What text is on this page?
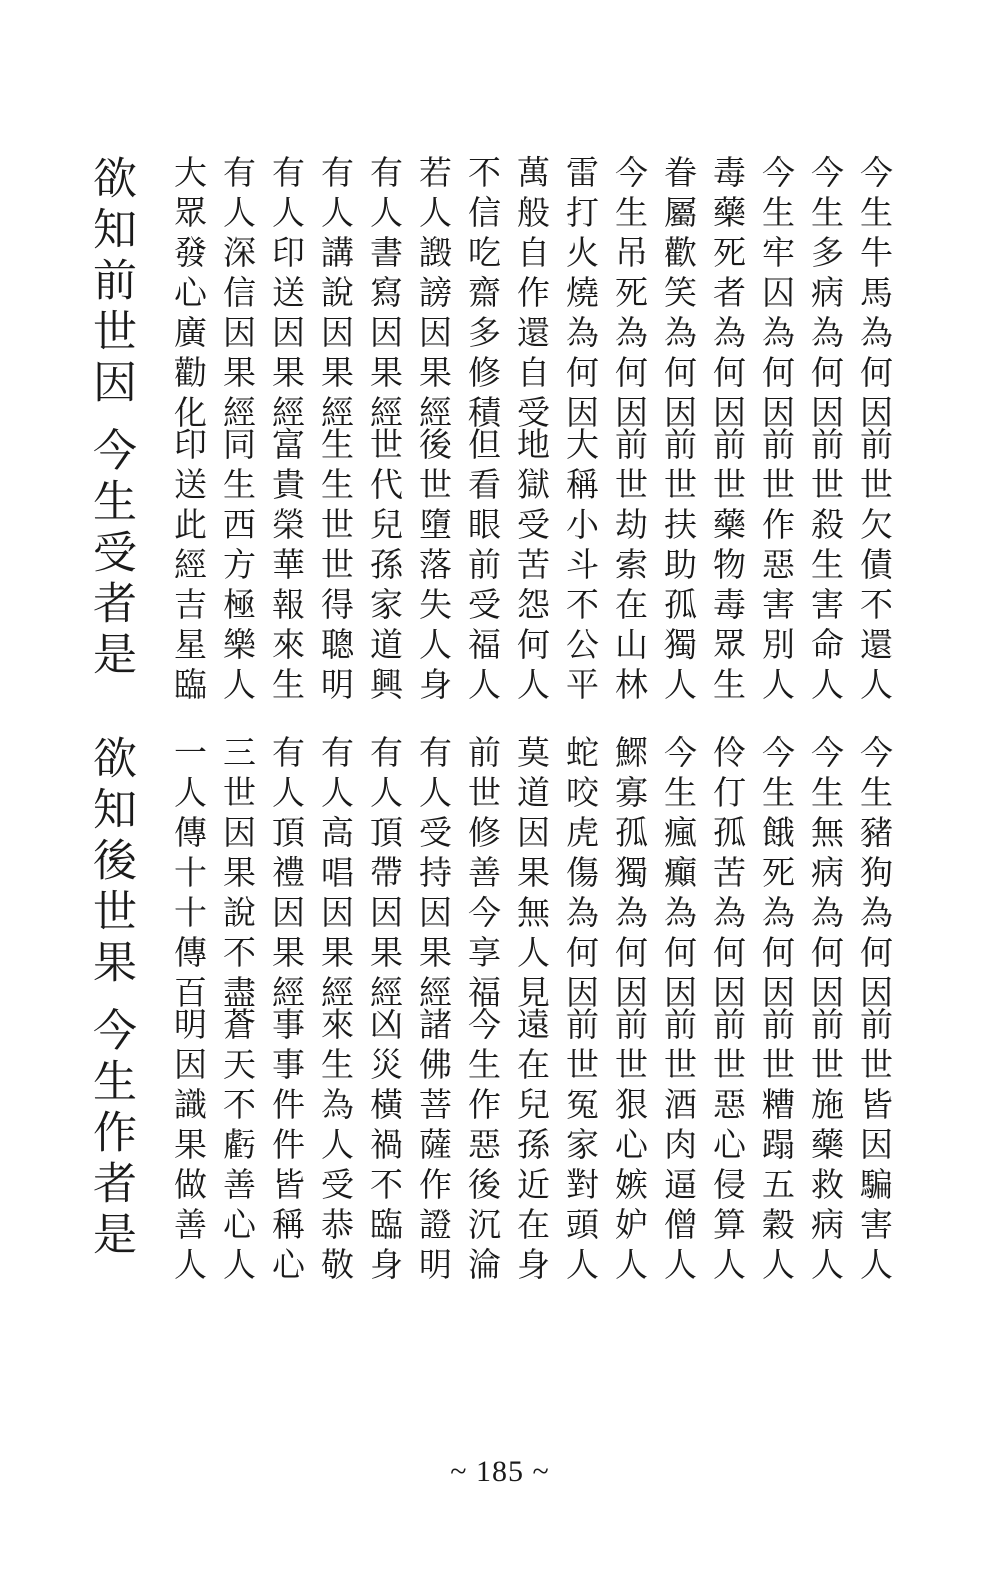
今生牛馬為何因
前世欠債不還人
今生多病為何因
前世殺生害命人
今生牢囚為何因
前世作惡害別人
毒藥死者為何因
前世藥物毒眾生
眷屬歡笑為何因
前世扶助孤獨人
今生吊死為何因
前世劫索在山林
雷打火燒為何因
大稱小斗不公平
萬般自作還自受
地獄受苦怨何人
不信吃齋多修積
但看眼前受福人
若人譭謗因果經
後世墮落失人身
有人書寫因果經
世代兒孫家道興
有人講說因果經
生生世世得聰明
有人印送因果經
富貴榮華報來生
有人深信因果經
同生西方極樂人
大眾發心廣勸化
印送此經吉星臨
欲知前世因
今生受者是
今生豬狗為何因
前世皆因騙害人
今生無病為何因
前世施藥救病人
今生餓死為何因
前世糟蹋五穀人
伶仃孤苦為何因
前世惡心侵算人
今生瘋癲為何因
前世酒肉逼僧人
鰥寡孤獨為何因
前世狠心嫉妒人
蛇咬虎傷為何因
前世冤家對頭人
莫道因果無人見
遠在兒孫近在身
前世修善今享福
今生作惡後沉淪
有人受持因果經
諸佛菩薩作證明
有人頂帶因果經
凶災橫禍不臨身
有人高唱因果經
來生為人受恭敬
有人頂禮因果經
事事件件皆稱心
三世因果說不盡
蒼天不虧善心人
一人傳十十傳百
明因識果做善人
欲知後世果
今生作者是
~ 185 ~
